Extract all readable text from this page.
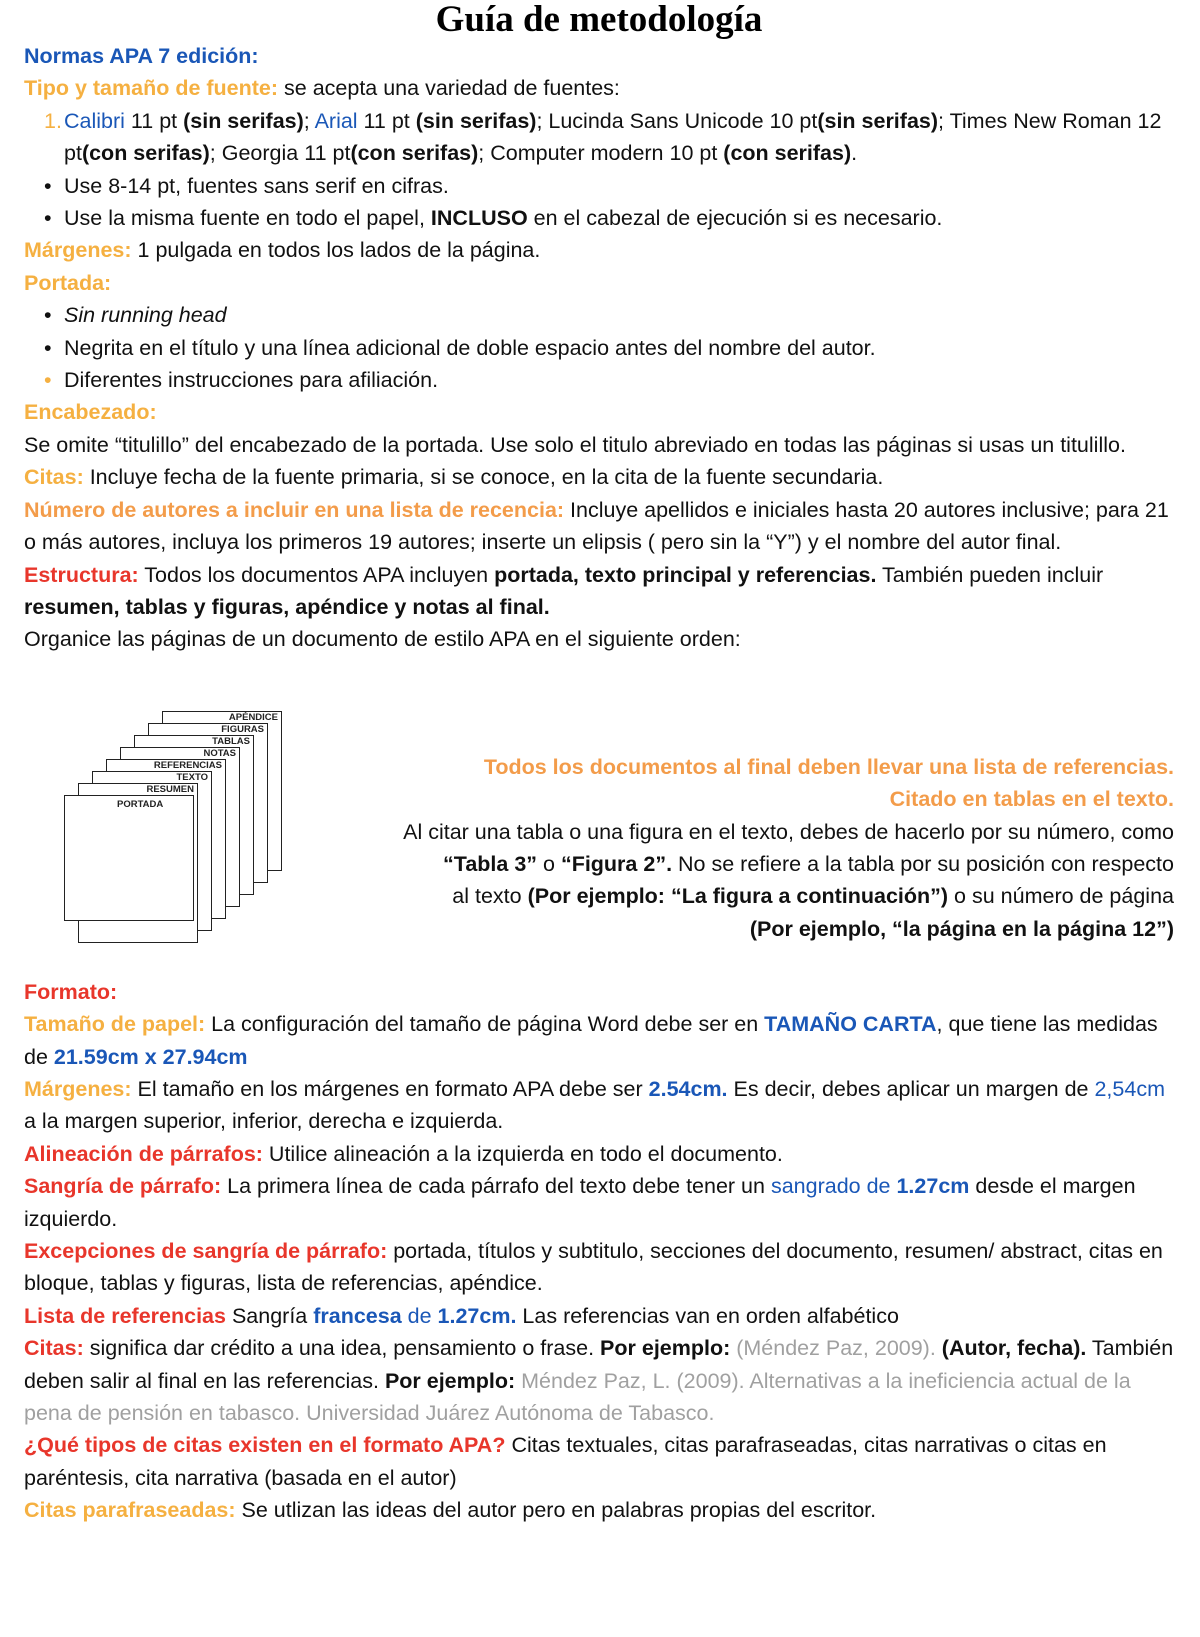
Guía de metodología

Normas APA 7 edición:

Tipo y tamaño de fuente: se acepta una variedad de fuentes:

1. Calibri 11 pt (sin serifas); Arial 11 pt (sin serifas); Lucinda Sans Unicode 10 pt(sin serifas); Times New Roman 12 pt(con serifas); Georgia 11 pt(con serifas); Computer modern 10 pt (con serifas).

• Use 8-14 pt, fuentes sans serif en cifras.

• Use la misma fuente en todo el papel, INCLUSO en el cabezal de ejecución si es necesario.

Márgenes: 1 pulgada en todos los lados de la página.

Portada:

• Sin running head

• Negrita en el título y una línea adicional de doble espacio antes del nombre del autor.

• Diferentes instrucciones para afiliación.

Encabezado:

Se omite “titulillo” del encabezado de la portada. Use solo el titulo abreviado en todas las páginas si usas un titulillo.

Citas: Incluye fecha de la fuente primaria, si se conoce, en la cita de la fuente secundaria.

Número de autores a incluir en una lista de recencia: Incluye apellidos e iniciales hasta 20 autores inclusive; para 21 o más autores, incluya los primeros 19 autores; inserte un elipsis ( pero sin la “Y”) y el nombre del autor final.

Estructura: Todos los documentos APA incluyen portada, texto principal y referencias. También pueden incluir resumen, tablas y figuras, apéndice y notas al final.

Organice las páginas de un documento de estilo APA en el siguiente orden:

APÉNDICE
FIGURAS
TABLAS
NOTAS
REFERENCIAS
TEXTO
RESUMEN
PORTADA

Todos los documentos al final deben llevar una lista de referencias.

Citado en tablas en el texto.

Al citar una tabla o una figura en el texto, debes de hacerlo por su número, como

“Tabla 3” o “Figura 2”. No se refiere a la tabla por su posición con respecto

al texto (Por ejemplo: “La figura a continuación”) o su número de página

(Por ejemplo, “la página en la página 12”)

Formato:

Tamaño de papel: La configuración del tamaño de página Word debe ser en TAMAÑO CARTA, que tiene las medidas de 21.59cm x 27.94cm

Márgenes: El tamaño en los márgenes en formato APA debe ser 2.54cm. Es decir, debes aplicar un margen de 2,54cm a la margen superior, inferior, derecha e izquierda.

Alineación de párrafos: Utilice alineación a la izquierda en todo el documento.

Sangría de párrafo: La primera línea de cada párrafo del texto debe tener un sangrado de 1.27cm desde el margen izquierdo.

Excepciones de sangría de párrafo: portada, títulos y subtitulo, secciones del documento, resumen/ abstract, citas en bloque, tablas y figuras, lista de referencias, apéndice.

Lista de referencias Sangría francesa de 1.27cm. Las referencias van en orden alfabético

Citas: significa dar crédito a una idea, pensamiento o frase. Por ejemplo: (Méndez Paz, 2009). (Autor, fecha). También deben salir al final en las referencias. Por ejemplo: Méndez Paz, L. (2009). Alternativas a la ineficiencia actual de la pena de pensión en tabasco. Universidad Juárez Autónoma de Tabasco.

¿Qué tipos de citas existen en el formato APA? Citas textuales, citas parafraseadas, citas narrativas o citas en paréntesis, cita narrativa (basada en el autor)

Citas parafraseadas: Se utlizan las ideas del autor pero en palabras propias del escritor.
